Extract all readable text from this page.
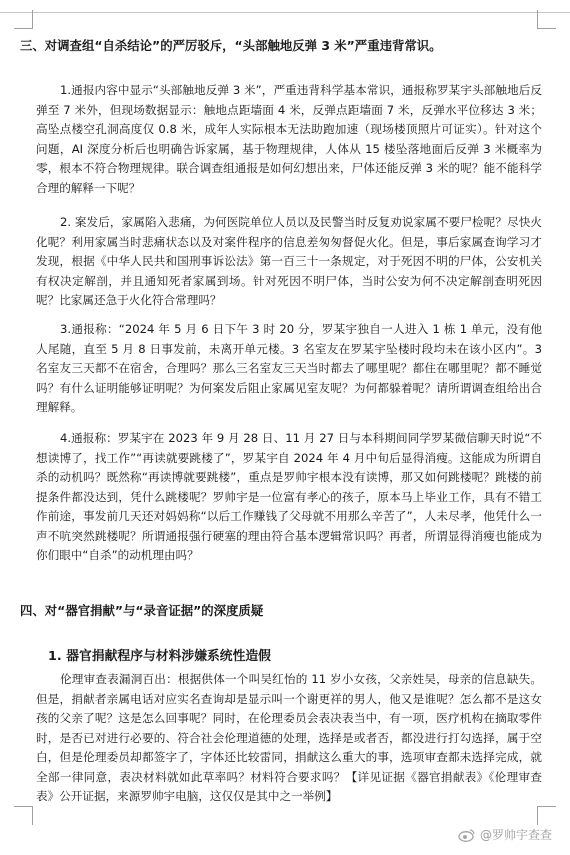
三、对调查组“自杀结论”的严厉驳斥，“头部触地反弹 3 米”严重违背常识。

1.通报内容中显示“头部触地反弹 3 米”，严重违背科学基本常识，通报称罗某宇头部触地后反弹至 7 米外，但现场数据显示：触地点距墙面 4 米，反弹点距墙面 7 米，反弹水平位移达 3 米；高坠点楼空孔洞高度仅 0.8 米，成年人实际根本无法助跑加速（现场楼顶照片可证实）。针对这个问题，AI 深度分析后也明确告诉家属，基于物理规律，人体从 15 楼坠落地面后反弹 3 米概率为零，根本不符合物理规律。联合调查组通报是如何幻想出来，尸体还能反弹 3 米的呢？能不能科学合理的解释一下呢？

2. 案发后，家属陷入悲痛，为何医院单位人员以及民警当时反复劝说家属不要尸检呢？尽快火化呢？利用家属当时悲痛状态以及对案件程序的信息差匆匆督促火化。但是，事后家属查询学习才发现，根据《中华人民共和国刑事诉讼法》第一百三十一条规定，对于死因不明的尸体，公安机关有权决定解剖，并且通知死者家属到场。针对死因不明尸体，当时公安为何不决定解剖查明死因呢？比家属还急于火化符合常理吗？

3.通报称：“2024 年 5 月 6 日下午 3 时 20 分，罗某宇独自一人进入 1 栋 1 单元，没有他人尾随，直至 5 月 8 日事发前，未离开单元楼。3 名室友在罗某宇坠楼时段均未在该小区内”。3 名室友三天都不在宿舍，合理吗？那么三名室友三天当时都去了哪里呢？都住在哪里呢？都不睡觉吗？有什么证明能够证明呢？为何案发后阻止家属见室友呢？为何都躲着呢？请所谓调查组给出合理解释。

4.通报称：罗某宇在 2023 年 9 月 28 日、11 月 27 日与本科期间同学罗某微信聊天时说“不想读博了，找工作”“再读就要跳楼了”，罗某宇自 2024 年 4 月中旬后显得消瘦。这能成为所谓自杀的动机吗？既然称“再读博就要跳楼”，重点是罗帅宇根本没有读博，那又如何跳楼呢？跳楼的前提条件都没达到，凭什么跳楼呢？罗帅宇是一位富有孝心的孩子，原本马上毕业工作，具有不错工作前途，事发前几天还对妈妈称“以后工作赚钱了父母就不用那么辛苦了”，人未尽孝，他凭什么一声不吭突然跳楼呢？所谓通报强行硬塞的理由符合基本逻辑常识吗？再者，所谓显得消瘦也能成为你们眼中“自杀”的动机理由吗？

四、对“器官捐献”与“录音证据”的深度质疑
1. 器官捐献程序与材料涉嫌系统性造假

伦理审查表漏洞百出：根据供体一个叫吴红怡的 11 岁小女孩，父亲姓吴，母亲的信息缺失。但是，捐献者亲属电话对应实名查询却是显示叫一个谢更祥的男人，他又是谁呢？怎么都不是这女孩的父亲了呢？这是怎么回事呢？同时，在伦理委员会表决表当中，有一项，医疗机构在摘取零件时，是否已对进行必要的、符合社会伦理道德的处理，选择是或者否，都没进行打勾选择，属于空白，但是伦理委员却都签字了，字体还比较雷同，捐献这么重大的事，选项审查都未选择完成，就全部一律同意，表决材料就如此草率吗？材料符合要求吗？【详见证据《器官捐献表》《伦理审查表》公开证据，来源罗帅宇电脑，这仅仅是其中之一举例】

@罗帅宇查查
